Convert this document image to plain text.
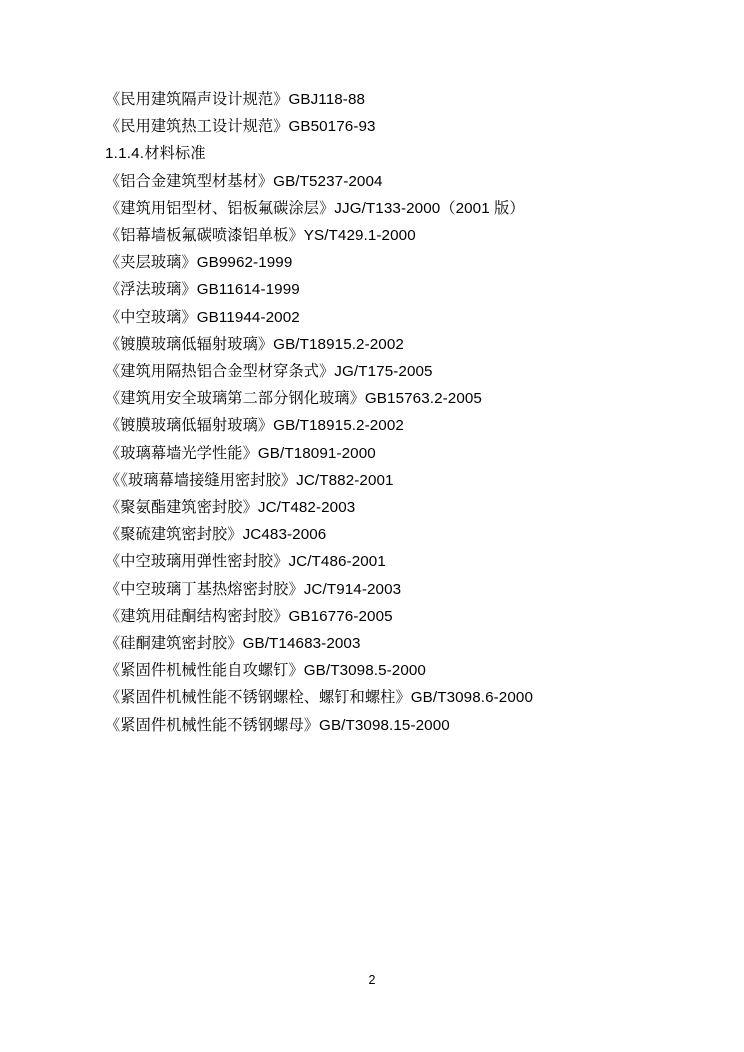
《民用建筑隔声设计规范》GBJ118-88
《民用建筑热工设计规范》GB50176-93
1.1.4.材料标准
《铝合金建筑型材基材》GB/T5237-2004
《建筑用铝型材、铝板氟碳涂层》JJG/T133-2000（2001 版）
《铝幕墙板氟碳喷漆铝单板》YS/T429.1-2000
《夹层玻璃》GB9962-1999
《浮法玻璃》GB11614-1999
《中空玻璃》GB11944-2002
《镀膜玻璃低辐射玻璃》GB/T18915.2-2002
《建筑用隔热铝合金型材穿条式》JG/T175-2005
《建筑用安全玻璃第二部分钢化玻璃》GB15763.2-2005
《镀膜玻璃低辐射玻璃》GB/T18915.2-2002
《玻璃幕墙光学性能》GB/T18091-2000
《《玻璃幕墙接缝用密封胶》JC/T882-2001
《聚氨酯建筑密封胶》JC/T482-2003
《聚硫建筑密封胶》JC483-2006
《中空玻璃用弹性密封胶》JC/T486-2001
《中空玻璃丁基热熔密封胶》JC/T914-2003
《建筑用硅酮结构密封胶》GB16776-2005
《硅酮建筑密封胶》GB/T14683-2003
《紧固件机械性能自攻螺钉》GB/T3098.5-2000
《紧固件机械性能不锈钢螺栓、螺钉和螺柱》GB/T3098.6-2000
《紧固件机械性能不锈钢螺母》GB/T3098.15-2000
2
